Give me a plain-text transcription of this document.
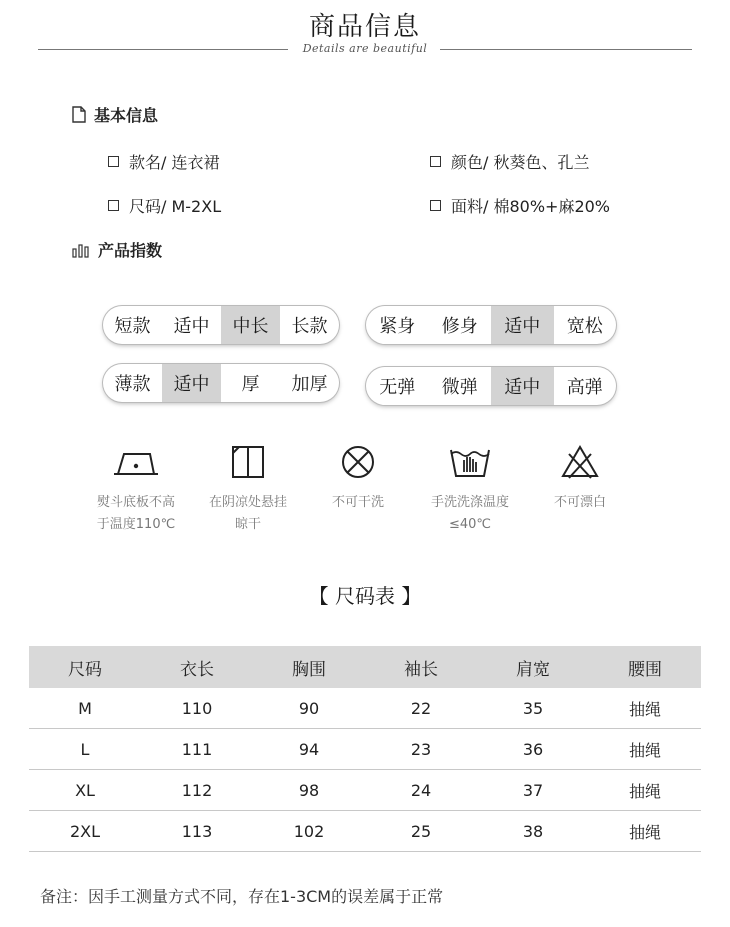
商品信息
Details are beautiful
基本信息
款名/ 连衣裙	颜色/ 秋葵色、孔兰
尺码/ M-2XL	面料/ 棉80%+麻20%
产品指数
短款	适中	中长	长款	紧身	修身	适中	宽松
薄款	适中	厚	加厚	无弹	微弹	适中	高弹
熨斗底板不高
于温度110℃
在阴凉处悬挂
晾干
不可干洗	手洗洗涤温度
≤40℃
不可漂白
【 尺码表 】
尺码	衣长	胸围	袖长	肩宽	腰围
M	110	90	22	35	抽绳
L	111	94	23	36	抽绳
XL	112	98	24	37	抽绳
2XL	113	102	25	38	抽绳
备注：因手工测量方式不同，存在1-3CM的误差属于正常
